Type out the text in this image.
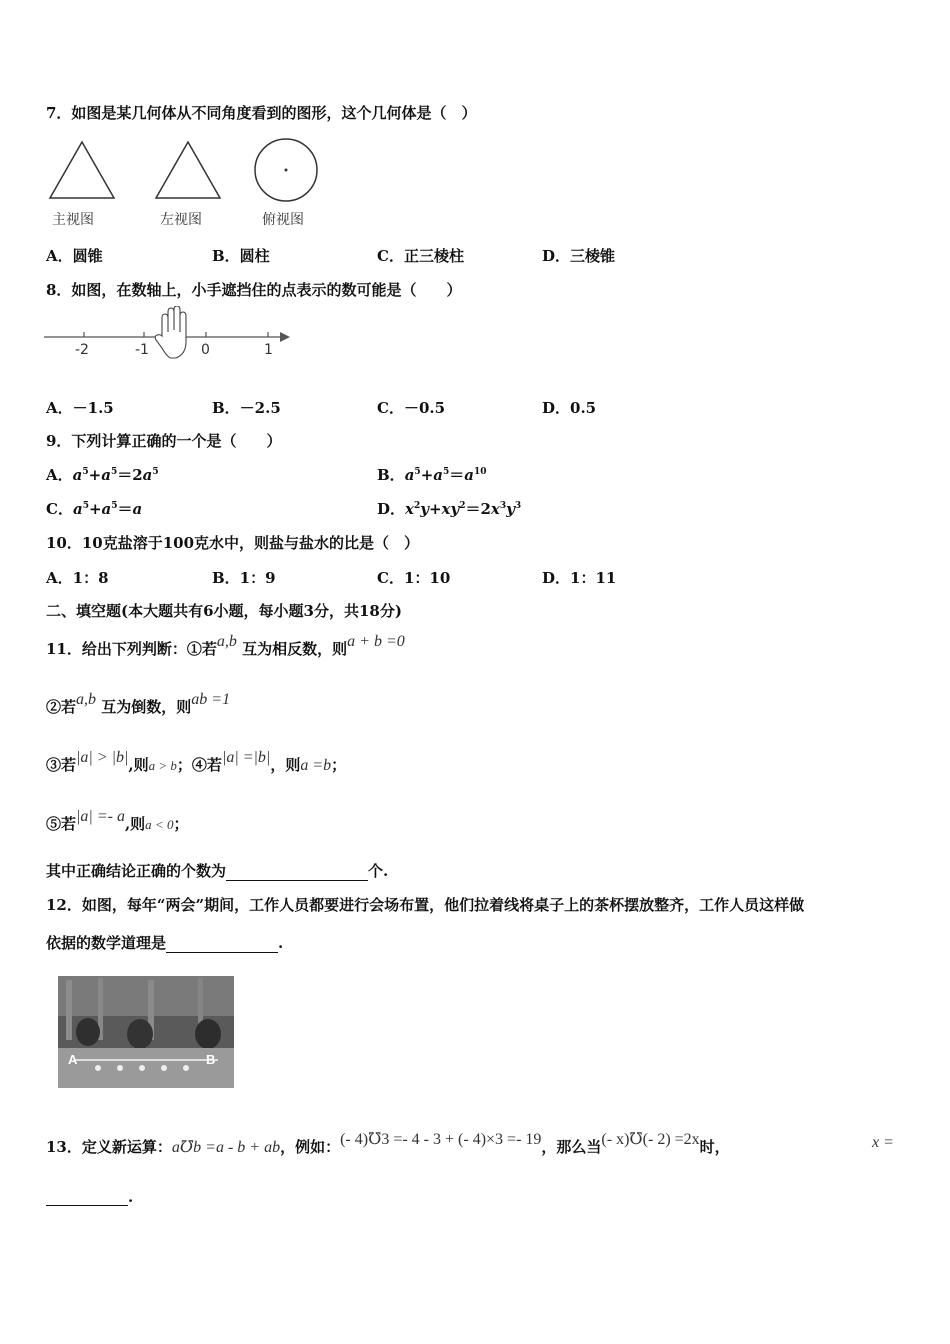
7．如图是某几何体从不同角度看到的图形，这个几何体是（　）
主视图	左视图	俯视图
A．圆锥	B．圆柱	C．正三棱柱	D．三棱锥
8．如图，在数轴上，小手遮挡住的点表示的数可能是（　　）
-2	-1	0	1
A．－1.5	B．－2.5	C．－0.5	D．0.5
9．下列计算正确的一个是（　　）
A．$a^5+a^5=2a^5$	B．$a^5+a^5=a^{10}$
C．$a^5+a^5=a$	D．$x^2y+xy^2=2x^3y^3$
10．10克盐溶于100克水中，则盐与盐水的比是（　）
A．1：8	B．1：9	C．1：10	D．1：11
二、填空题(本大题共有6小题，每小题3分，共18分)
11．给出下列判断：①若a,b 互为相反数，则a + b =0
②若a,b 互为倒数，则ab =1
③若|a| > |b|,则a > b；④若|a| =|b|，则a =b；
⑤若|a| =- a,则a < 0；
其中正确结论正确的个数为	个.
12．如图，每年“两会”期间，工作人员都要进行会场布置，他们拉着线将桌子上的茶杯摆放整齐，工作人员这样做
依据的数学道理是	.
A	B
13．定义新运算：a℧b =a - b + ab，例如：(- 4)℧3 =- 4 - 3 + (- 4)×3 =- 19，那么当(- x)℧(- 2) =2x时，	x =
.
